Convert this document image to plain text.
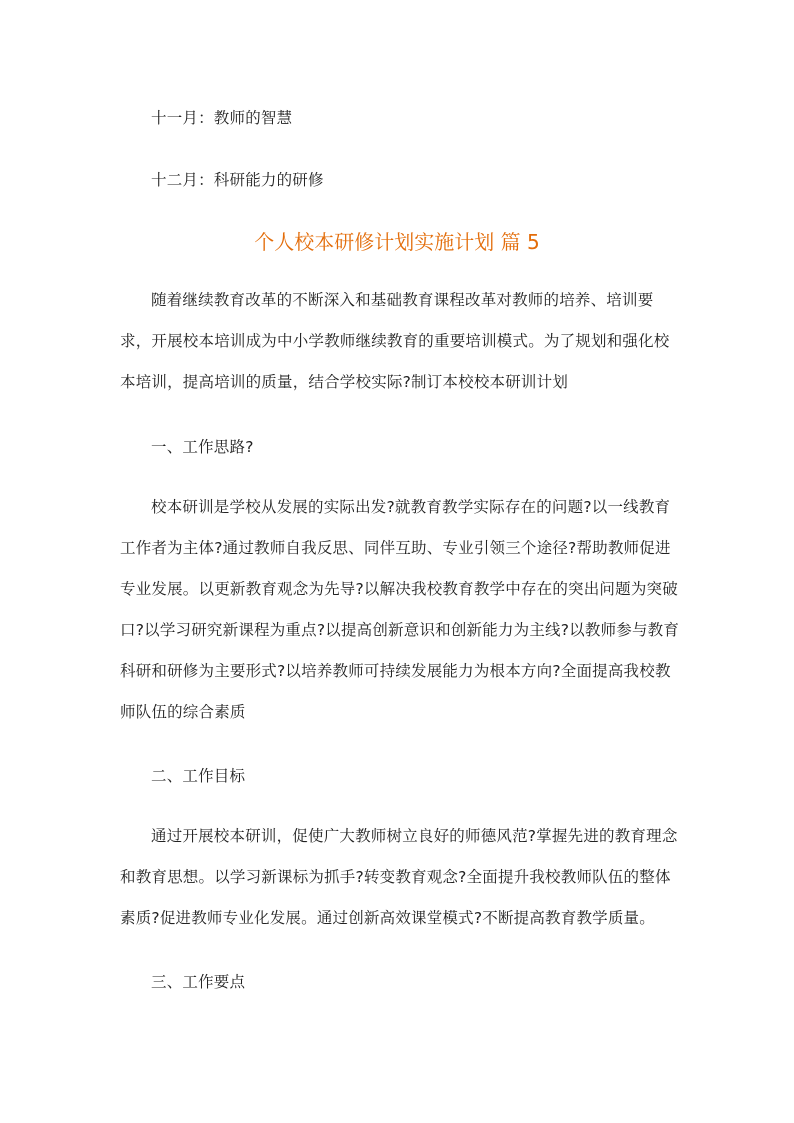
十一月：教师的智慧
十二月：科研能力的研修
个人校本研修计划实施计划 篇 5
随着继续教育改革的不断深入和基础教育课程改革对教师的培养、培训要求，开展校本培训成为中小学教师继续教育的重要培训模式。为了规划和强化校本培训，提高培训的质量，结合学校实际?制订本校校本研训计划
一、工作思路?
校本研训是学校从发展的实际出发?就教育教学实际存在的问题?以一线教育工作者为主体?通过教师自我反思、同伴互助、专业引领三个途径?帮助教师促进专业发展。以更新教育观念为先导?以解决我校教育教学中存在的突出问题为突破口?以学习研究新课程为重点?以提高创新意识和创新能力为主线?以教师参与教育科研和研修为主要形式?以培养教师可持续发展能力为根本方向?全面提高我校教师队伍的综合素质
二、工作目标
通过开展校本研训，促使广大教师树立良好的师德风范?掌握先进的教育理念和教育思想。以学习新课标为抓手?转变教育观念?全面提升我校教师队伍的整体素质?促进教师专业化发展。通过创新高效课堂模式?不断提高教育教学质量。
三、工作要点
